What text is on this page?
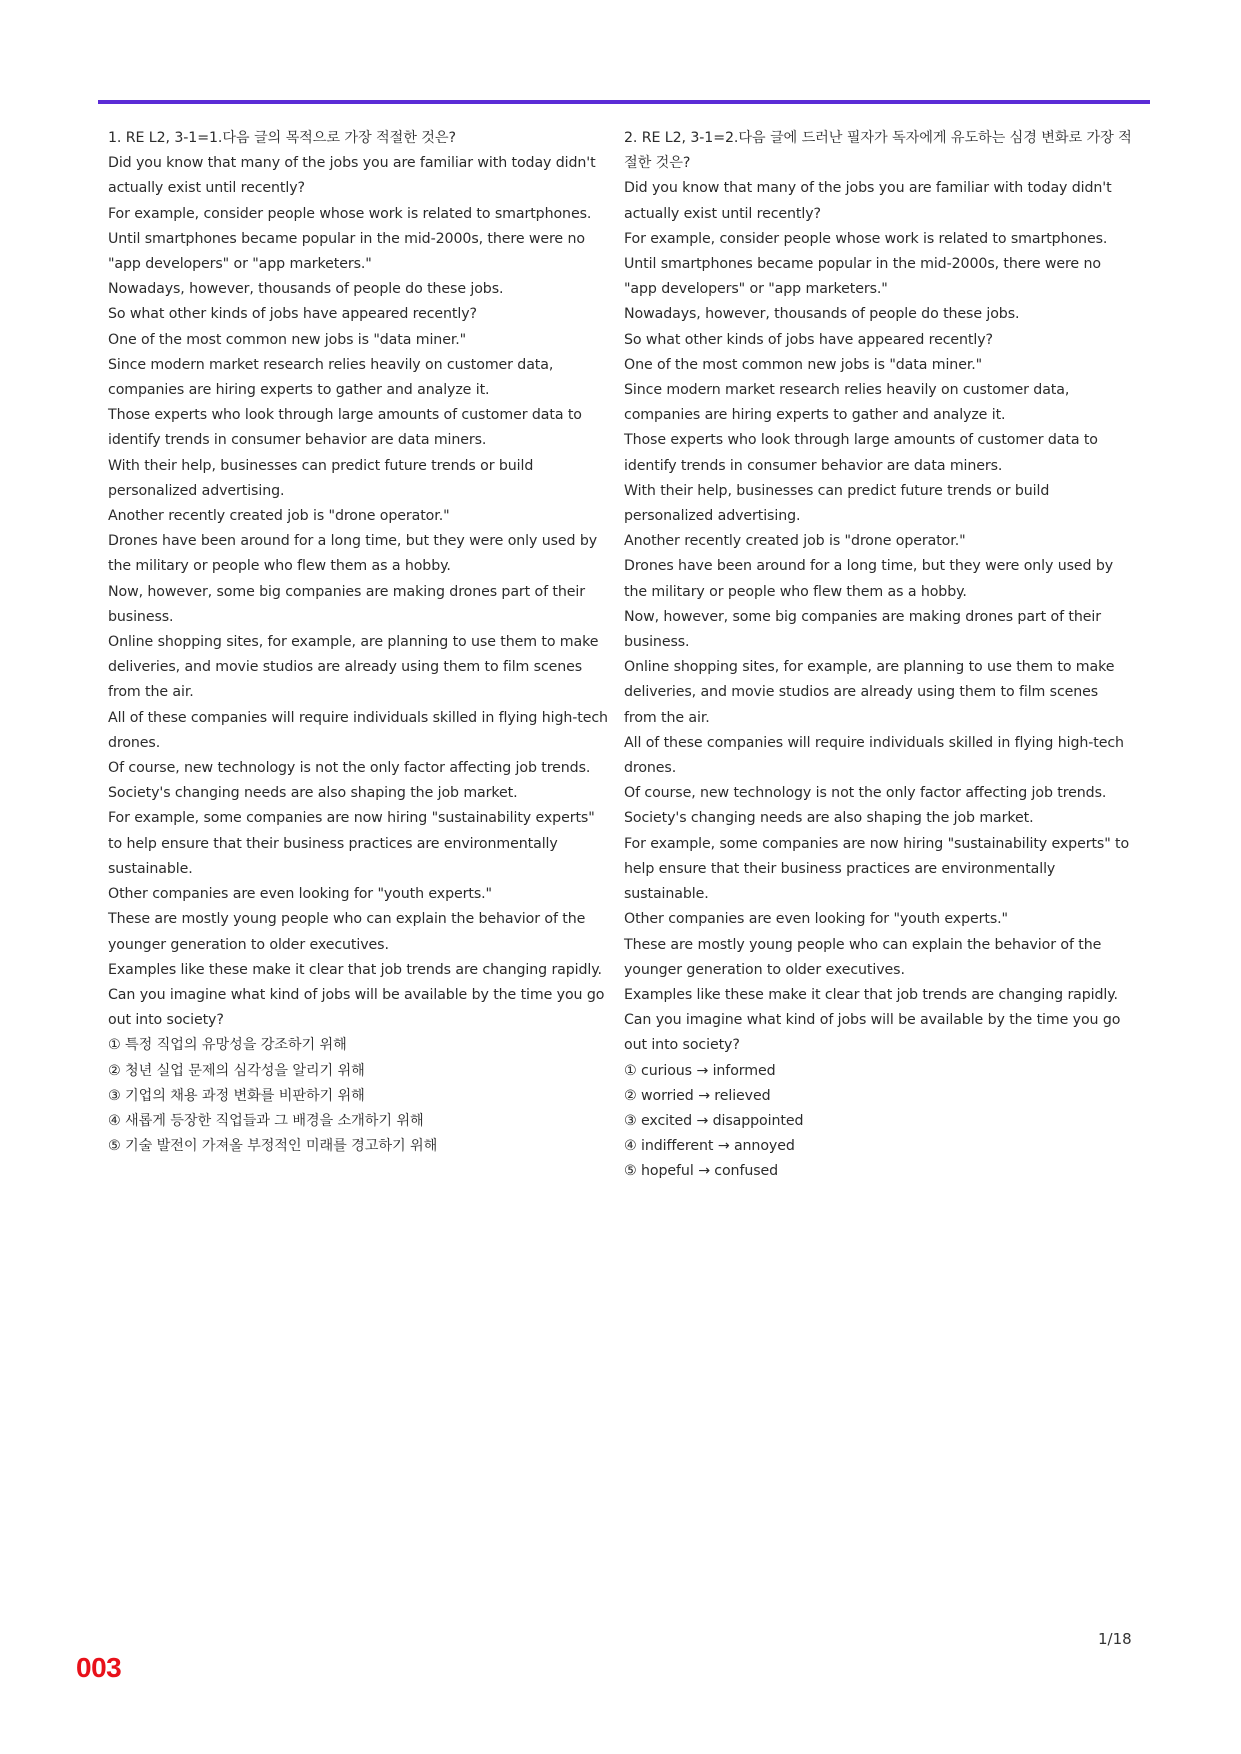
1. RE L2, 3-1=1.다음 글의 목적으로 가장 적절한 것은?
Did you know that many of the jobs you are familiar with today didn't actually exist until recently?
For example, consider people whose work is related to smartphones.
Until smartphones became popular in the mid-2000s, there were no "app developers" or "app marketers."
Nowadays, however, thousands of people do these jobs.
So what other kinds of jobs have appeared recently?
One of the most common new jobs is "data miner."
Since modern market research relies heavily on customer data, companies are hiring experts to gather and analyze it.
Those experts who look through large amounts of customer data to identify trends in consumer behavior are data miners.
With their help, businesses can predict future trends or build personalized advertising.
Another recently created job is "drone operator."
Drones have been around for a long time, but they were only used by the military or people who flew them as a hobby.
Now, however, some big companies are making drones part of their business.
Online shopping sites, for example, are planning to use them to make deliveries, and movie studios are already using them to film scenes from the air.
All of these companies will require individuals skilled in flying high-tech drones.
Of course, new technology is not the only factor affecting job trends.
Society's changing needs are also shaping the job market.
For example, some companies are now hiring "sustainability experts" to help ensure that their business practices are environmentally sustainable.
Other companies are even looking for "youth experts."
These are mostly young people who can explain the behavior of the younger generation to older executives.
Examples like these make it clear that job trends are changing rapidly.
Can you imagine what kind of jobs will be available by the time you go out into society?
① 특정 직업의 유망성을 강조하기 위해
② 청년 실업 문제의 심각성을 알리기 위해
③ 기업의 채용 과정 변화를 비판하기 위해
④ 새롭게 등장한 직업들과 그 배경을 소개하기 위해
⑤ 기술 발전이 가져올 부정적인 미래를 경고하기 위해
2. RE L2, 3-1=2.다음 글에 드러난 필자가 독자에게 유도하는 심경 변화로 가장 적절한 것은?
Did you know that many of the jobs you are familiar with today didn't actually exist until recently?
For example, consider people whose work is related to smartphones.
Until smartphones became popular in the mid-2000s, there were no "app developers" or "app marketers."
Nowadays, however, thousands of people do these jobs.
So what other kinds of jobs have appeared recently?
One of the most common new jobs is "data miner."
Since modern market research relies heavily on customer data, companies are hiring experts to gather and analyze it.
Those experts who look through large amounts of customer data to identify trends in consumer behavior are data miners.
With their help, businesses can predict future trends or build personalized advertising.
Another recently created job is "drone operator."
Drones have been around for a long time, but they were only used by the military or people who flew them as a hobby.
Now, however, some big companies are making drones part of their business.
Online shopping sites, for example, are planning to use them to make deliveries, and movie studios are already using them to film scenes from the air.
All of these companies will require individuals skilled in flying high-tech drones.
Of course, new technology is not the only factor affecting job trends.
Society's changing needs are also shaping the job market.
For example, some companies are now hiring "sustainability experts" to help ensure that their business practices are environmentally sustainable.
Other companies are even looking for "youth experts."
These are mostly young people who can explain the behavior of the younger generation to older executives.
Examples like these make it clear that job trends are changing rapidly.
Can you imagine what kind of jobs will be available by the time you go out into society?
① curious → informed
② worried → relieved
③ excited → disappointed
④ indifferent → annoyed
⑤ hopeful → confused
1/18
003
